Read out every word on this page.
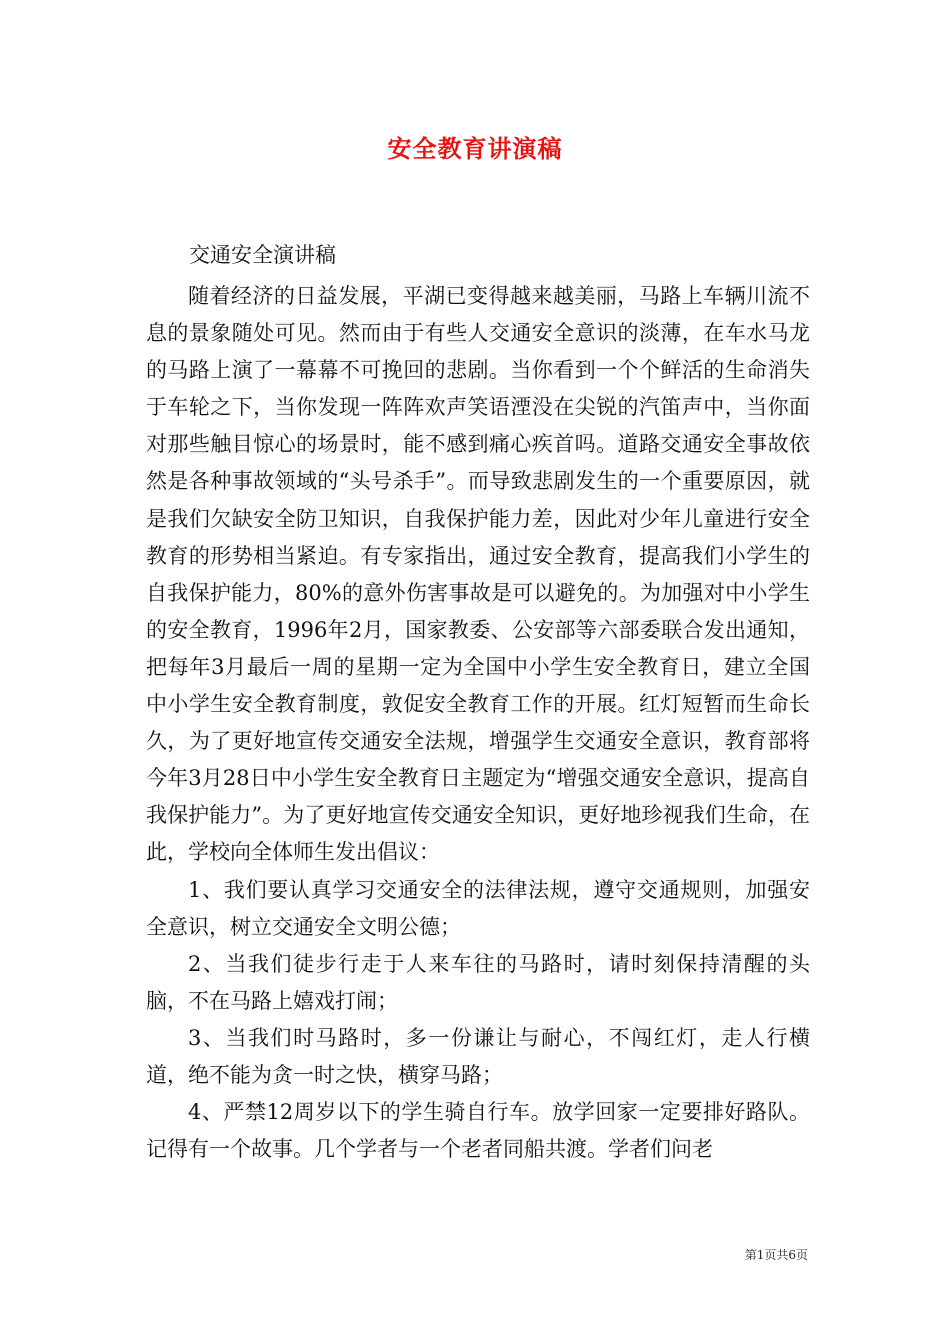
安全教育讲演稿
交通安全演讲稿

随着经济的日益发展，平湖已变得越来越美丽，马路上车辆川流不息的景象随处可见。然而由于有些人交通安全意识的淡薄，在车水马龙的马路上演了一幕幕不可挽回的悲剧。当你看到一个个鲜活的生命消失于车轮之下，当你发现一阵阵欢声笑语湮没在尖锐的汽笛声中，当你面对那些触目惊心的场景时，能不感到痛心疾首吗。道路交通安全事故依然是各种事故领域的“头号杀手”。而导致悲剧发生的一个重要原因，就是我们欠缺安全防卫知识，自我保护能力差，因此对少年儿童进行安全教育的形势相当紧迫。有专家指出，通过安全教育，提高我们小学生的自我保护能力，80%的意外伤害事故是可以避免的。为加强对中小学生的安全教育，1996年2月，国家教委、公安部等六部委联合发出通知，把每年3月最后一周的星期一定为全国中小学生安全教育日，建立全国中小学生安全教育制度，敦促安全教育工作的开展。红灯短暂而生命长久，为了更好地宣传交通安全法规，增强学生交通安全意识，教育部将今年3月28日中小学生安全教育日主题定为“增强交通安全意识，提高自我保护能力”。为了更好地宣传交通安全知识，更好地珍视我们生命，在此，学校向全体师生发出倡议：

1、我们要认真学习交通安全的法律法规，遵守交通规则，加强安全意识，树立交通安全文明公德；

2、当我们徒步行走于人来车往的马路时，请时刻保持清醒的头脑，不在马路上嬉戏打闹；

3、当我们时马路时，多一份谦让与耐心，不闯红灯，走人行横道，绝不能为贪一时之快，横穿马路；

4、严禁12周岁以下的学生骑自行车。放学回家一定要排好路队。记得有一个故事。几个学者与一个老者同船共渡。学者们问老

第1页共6页
